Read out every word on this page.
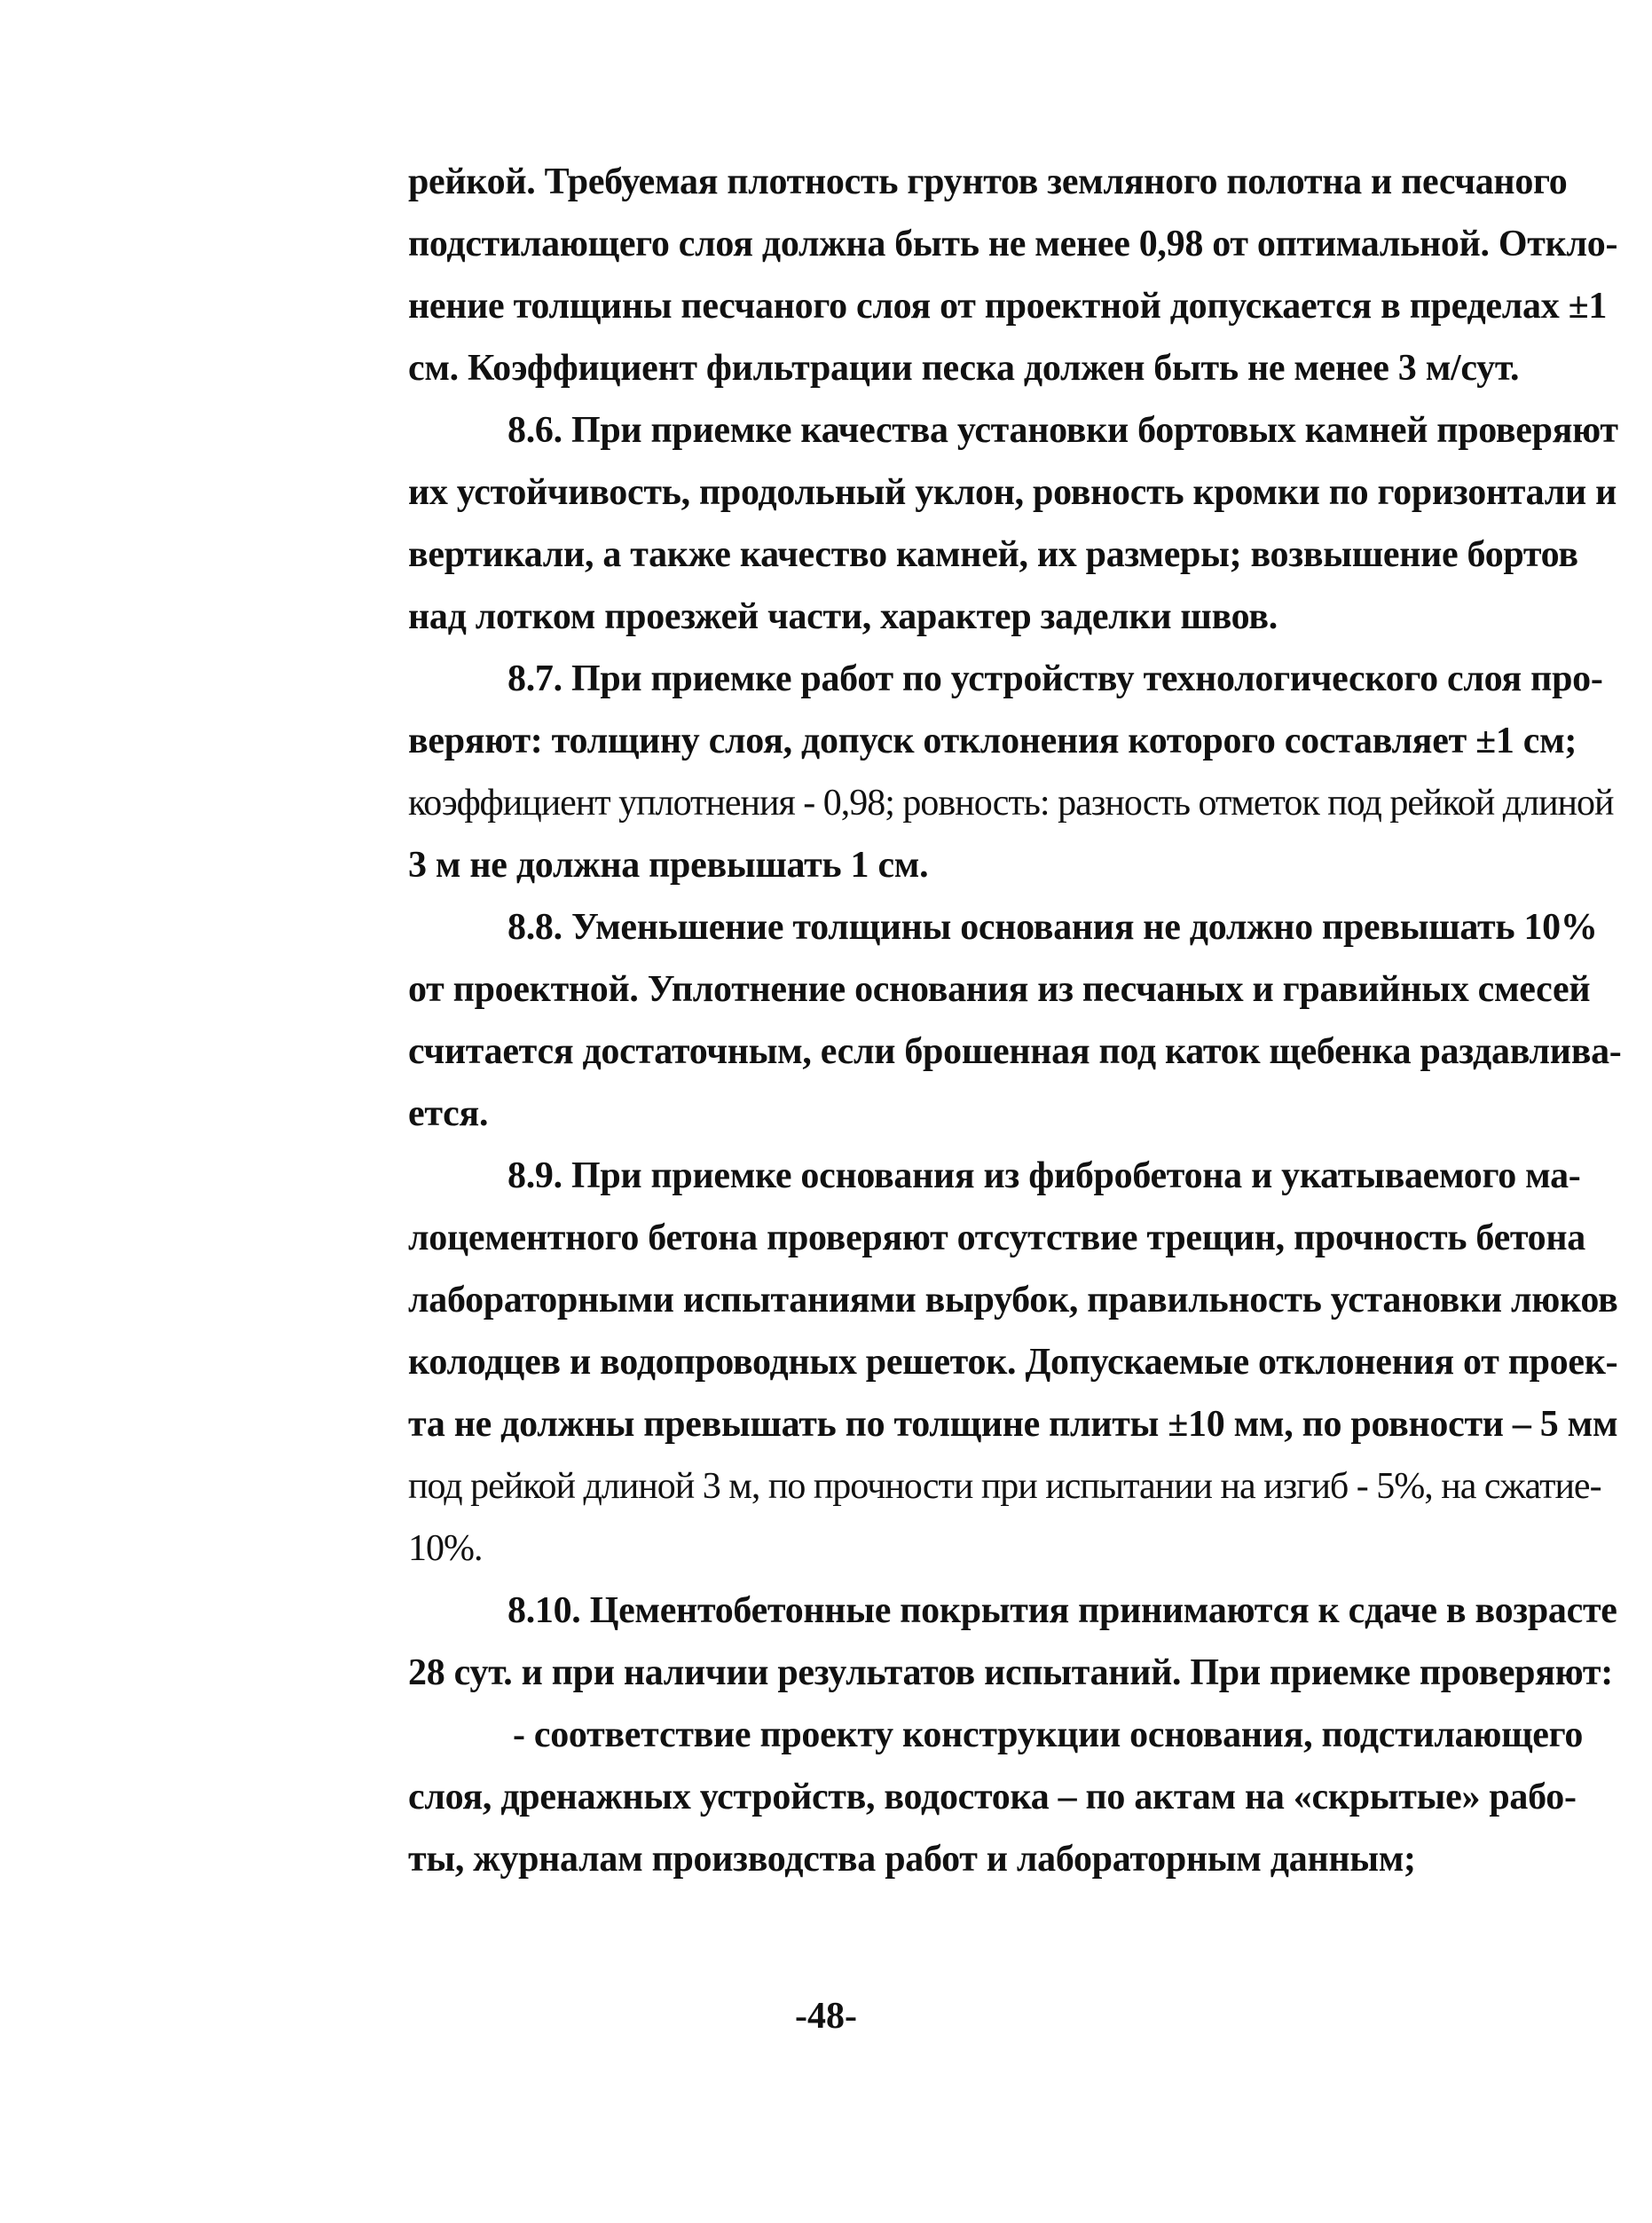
рейкой. Требуемая плотность грунтов земляного полотна и песчаного
подстилающего слоя должна быть не менее 0,98 от оптимальной. Откло-
нение толщины песчаного слоя от проектной допускается в пределах ±1
см. Коэффициент фильтрации песка должен быть не менее 3 м/сут.
8.6. При приемке качества установки бортовых камней проверяют
их устойчивость, продольный уклон, ровность кромки по горизонтали и
вертикали, а также качество камней, их размеры; возвышение бортов
над лотком проезжей части, характер заделки швов.
8.7. При приемке работ по устройству технологического слоя про-
веряют: толщину слоя, допуск отклонения которого составляет ±1 см;
коэффициент уплотнения - 0,98; ровность: разность отметок под рейкой длиной
3 м не должна превышать 1 см.
8.8. Уменьшение толщины основания не должно превышать 10%
от проектной. Уплотнение основания из песчаных и гравийных смесей
считается достаточным, если брошенная под каток щебенка раздавлива-
ется.
8.9. При приемке основания из фибробетона и укатываемого ма-
лоцементного бетона проверяют отсутствие трещин, прочность бетона
лабораторными испытаниями вырубок, правильность установки люков
колодцев и водопроводных решеток. Допускаемые отклонения от проек-
та не должны превышать по толщине плиты ±10 мм, по ровности – 5 мм
под рейкой длиной 3 м, по прочности при испытании на изгиб - 5%, на сжатие-
10%.
8.10. Цементобетонные покрытия принимаются к сдаче в возрасте
28 сут. и при наличии результатов испытаний. При приемке проверяют:
- соответствие проекту конструкции основания, подстилающего
слоя, дренажных устройств, водостока – по актам на «скрытые» рабо-
ты, журналам производства работ и лабораторным данным;
-48-
